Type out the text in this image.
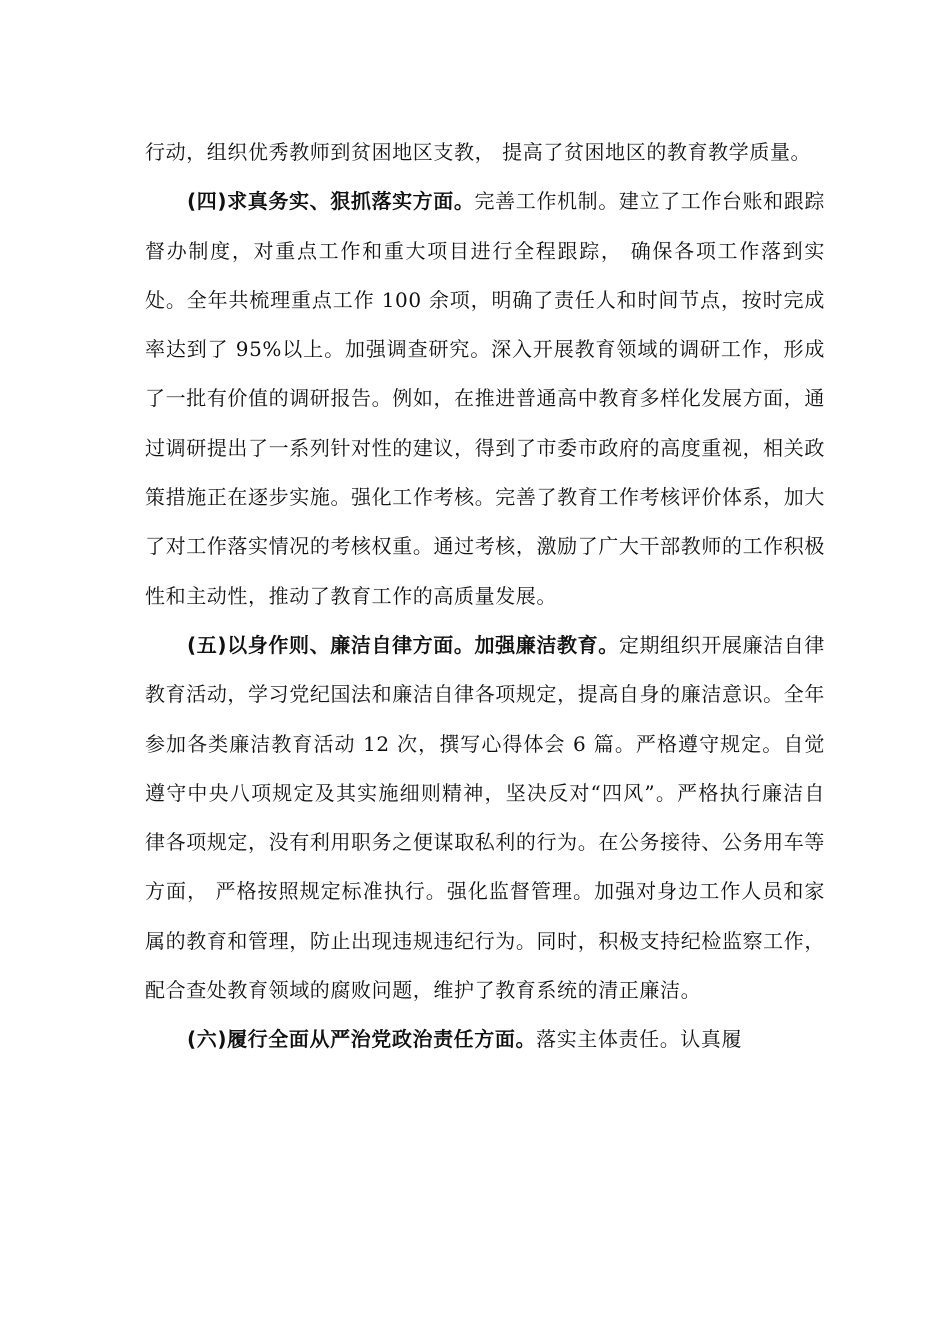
行动，组织优秀教师到贫困地区支教， 提高了贫困地区的教育教学质量。

(四)求真务实、狠抓落实方面。完善工作机制。建立了工作台账和跟踪督办制度，对重点工作和重大项目进行全程跟踪， 确保各项工作落到实处。全年共梳理重点工作 100 余项，明确了责任人和时间节点，按时完成率达到了 95%以上。加强调查研究。深入开展教育领域的调研工作，形成了一批有价值的调研报告。例如，在推进普通高中教育多样化发展方面，通过调研提出了一系列针对性的建议，得到了市委市政府的高度重视，相关政策措施正在逐步实施。强化工作考核。完善了教育工作考核评价体系，加大了对工作落实情况的考核权重。通过考核，激励了广大干部教师的工作积极性和主动性，推动了教育工作的高质量发展。

(五)以身作则、廉洁自律方面。加强廉洁教育。定期组织开展廉洁自律教育活动，学习党纪国法和廉洁自律各项规定，提高自身的廉洁意识。全年参加各类廉洁教育活动 12 次，撰写心得体会 6 篇。严格遵守规定。自觉遵守中央八项规定及其实施细则精神，坚决反对“四风”。严格执行廉洁自律各项规定，没有利用职务之便谋取私利的行为。在公务接待、公务用车等方面， 严格按照规定标准执行。强化监督管理。加强对身边工作人员和家属的教育和管理，防止出现违规违纪行为。同时，积极支持纪检监察工作，配合查处教育领域的腐败问题，维护了教育系统的清正廉洁。

(六)履行全面从严治党政治责任方面。落实主体责任。认真履
